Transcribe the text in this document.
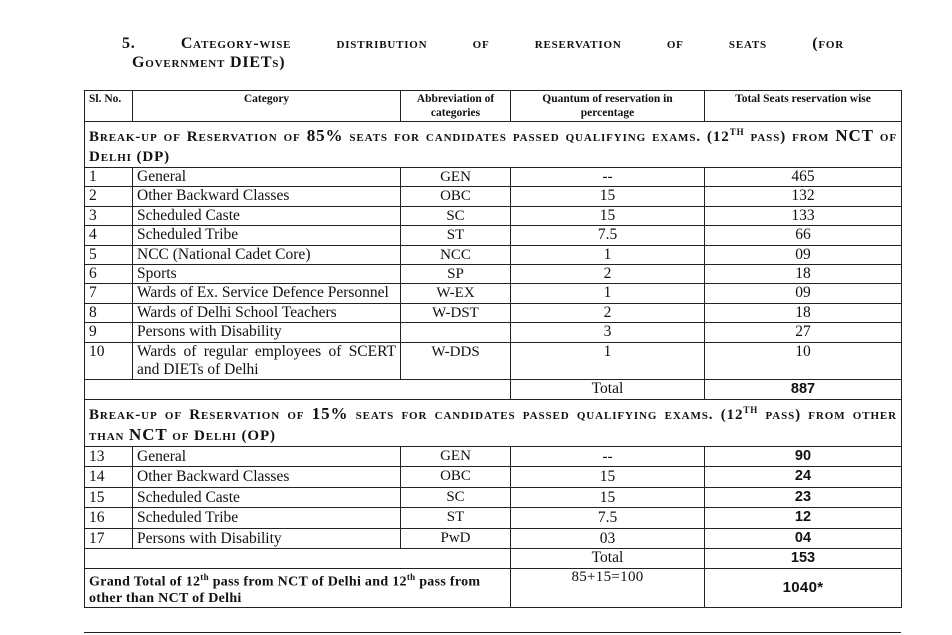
5.	Category-wise	distribution	of	reservation	of	seats	(for
Government DIETs)
Sl. No.	Category	Abbreviation of categories	Quantum of reservation in percentage	Total Seats reservation wise
Break-up of Reservation of 85% seats for candidates passed qualifying exams. (12TH pass) from NCT of Delhi (DP)				
1	General	GEN	--	465
2	Other Backward Classes	OBC	15	132
3	Scheduled Caste	SC	15	133
4	Scheduled Tribe	ST	7.5	66
5	NCC (National Cadet Core)	NCC	1	09
6	Sports	SP	2	18
7	Wards of Ex. Service Defence Personnel	W-EX	1	09
8	Wards of Delhi School Teachers	W-DST	2	18
9	Persons with Disability		3	27
10	Wards of regular employees of SCERT and DIETs of Delhi	W-DDS	1	10
			Total	887
Break-up of Reservation of 15% seats for candidates passed qualifying exams. (12TH pass) from other than NCT of Delhi (OP)				
13	General	GEN	--	90
14	Other Backward Classes	OBC	15	24
15	Scheduled Caste	SC	15	23
16	Scheduled Tribe	ST	7.5	12
17	Persons with Disability	PwD	03	04
			Total	153
Grand Total of 12th pass from NCT of Delhi and 12th pass from other than NCT of Delhi			85+15=100	1040*
